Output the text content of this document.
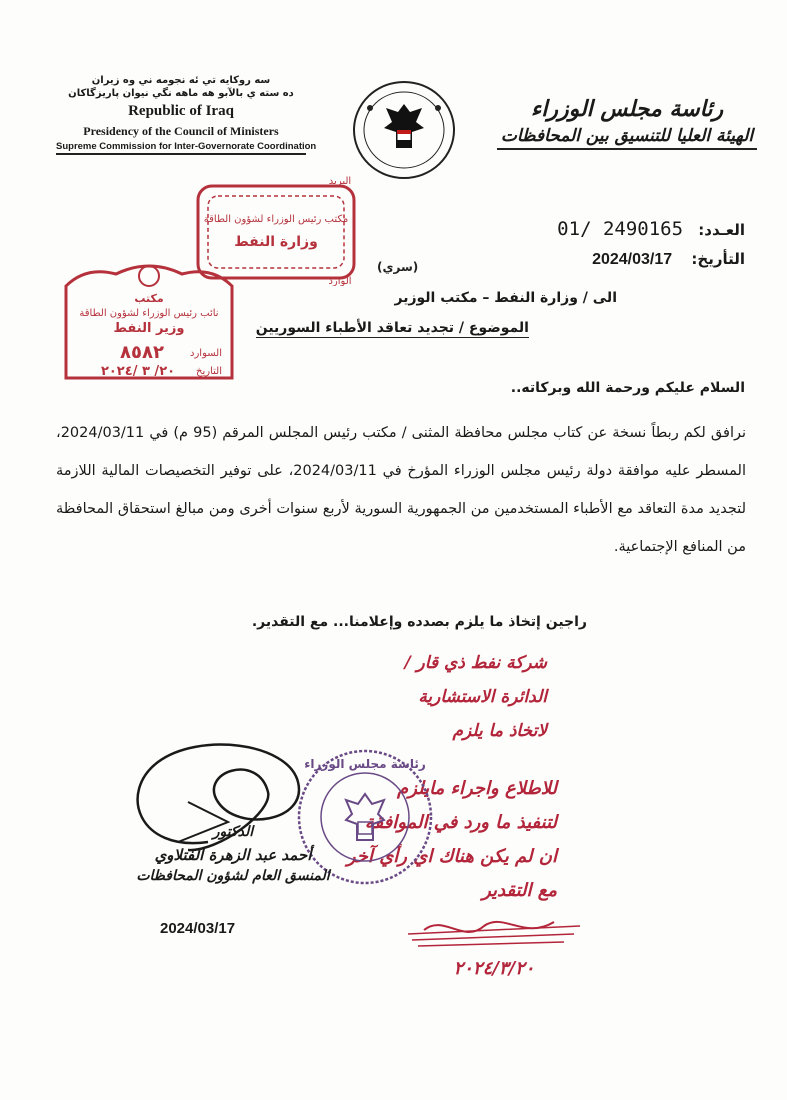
سه روكايه تي ئه نجومه ني وه زيران
ده سته ي بالآبو هه ماهه نگي نيوان پاريزگاكان
Republic of Iraq
Presidency of the Council of Ministers
Supreme Commission for Inter-Governorate Coordination
رئاسة مجلس الوزراء
الهيئة العليا للتنسيق بين المحافظات
مكتب رئيس الوزراء لشؤون الطاقة
وزارة النفط
البريد
الوارد
مكتب
نائب رئيس الوزراء لشؤون الطاقة
وزير النفط
السوارد
٨٥٨٢
التاريخ
٢٠/ ٣ /٢٠٢٤
العـدد: 2490165 /01
التأريخ: 2024/03/17
(سري)
الى / وزارة النفط – مكتب الوزير
الموضوع / تجديد تعاقد الأطباء السوريين
السلام عليكم ورحمة الله وبركاته..
نرافق لكم ربطاً نسخة عن كتاب مجلس محافظة المثنى / مكتب رئيس المجلس المرقم (95 م) في 2024/03/11، المسطر عليه موافقة دولة رئيس مجلس الوزراء المؤرخ في 2024/03/11، على توفير التخصيصات المالية اللازمة لتجديد مدة التعاقد مع الأطباء المستخدمين من الجمهورية السورية لأربع سنوات أخرى ومن مبالغ استحقاق المحافظة من المنافع الإجتماعية.
راجين إتخاذ ما يلزم بصدده وإعلامنا... مع التقدير.
شركة نفط ذي قار /
الدائرة الاستشارية
لاتخاذ ما يلزم
للاطلاع واجراء مايلزم
لتنفيذ ما ورد في الموافقة
ان لم يكن هناك اي رأي آخر
مع التقدير
رئاسة مجلس الوزراء
الدكتور
أحمد عبد الزهرة الفتلاوي
المنسق العام لشؤون المحافظات
2024/03/17
٢٠٢٤/٣/٢٠
